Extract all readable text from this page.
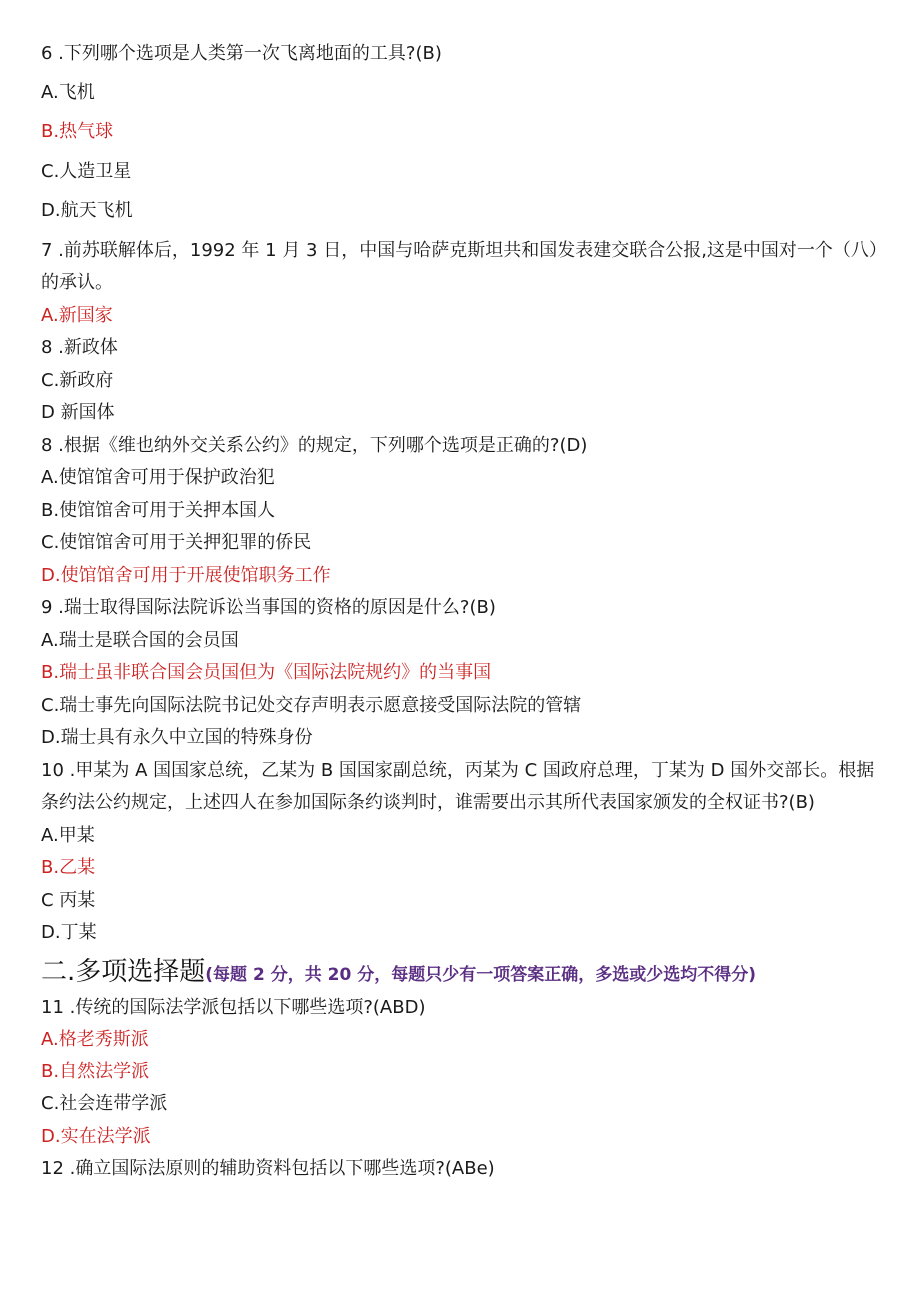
6 .下列哪个选项是人类第一次飞离地面的工具?(B)
A.飞机
B.热气球
C.人造卫星
D.航天飞机
7 .前苏联解体后，1992 年 1 月 3 日，中国与哈萨克斯坦共和国发表建交联合公报,这是中国对一个（八）的承认。
A.新国家
8 .新政体
C.新政府
D 新国体
8 .根据《维也纳外交关系公约》的规定，下列哪个选项是正确的?(D)
A.使馆馆舍可用于保护政治犯
B.使馆馆舍可用于关押本国人
C.使馆馆舍可用于关押犯罪的侨民
D.使馆馆舍可用于开展使馆职务工作
9 .瑞士取得国际法院诉讼当事国的资格的原因是什么?(B)
A.瑞士是联合国的会员国
B.瑞士虽非联合国会员国但为《国际法院规约》的当事国
C.瑞士事先向国际法院书记处交存声明表示愿意接受国际法院的管辖
D.瑞士具有永久中立国的特殊身份
10 .甲某为 A 国国家总统，乙某为 B 国国家副总统，丙某为 C 国政府总理，丁某为 D 国外交部长。根据条约法公约规定，上述四人在参加国际条约谈判时，谁需要出示其所代表国家颁发的全权证书?(B)
A.甲某
B.乙某
C 丙某
D.丁某
二.多项选择题(每题 2 分，共 20 分，每题只少有一项答案正确，多选或少选均不得分)
11 .传统的国际法学派包括以下哪些选项?(ABD)
A.格老秀斯派
B.自然法学派
C.社会连带学派
D.实在法学派
12 .确立国际法原则的辅助资料包括以下哪些选项?(ABe)
